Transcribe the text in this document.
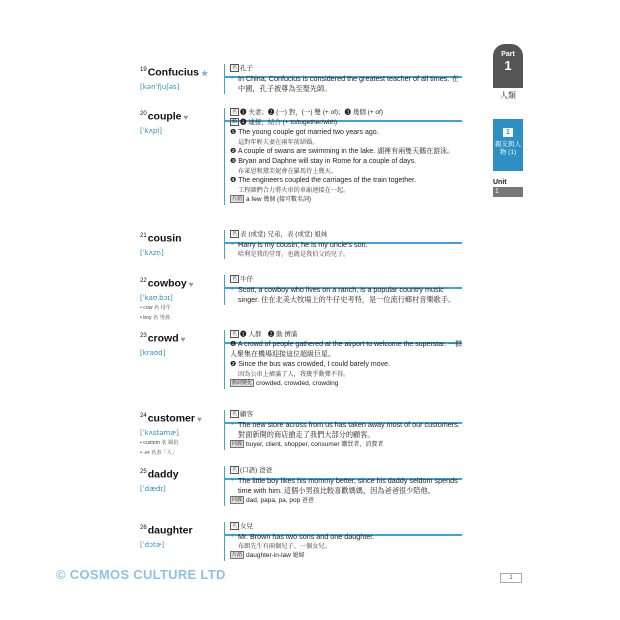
$^{19}$Confucius ★
[kənˈfjuʃəs]
名 孔子
• In China, Confucius is considered the greatest teacher of all times. 在中國，孔子被尊為至聖先師。
$^{20}$couple ♥
[ˈkʌpl̩]
名 ❶ 夫妻；❷ (一) 對，(一) 雙 (+ of)；❸ 幾個 (+ of)
動 ❹ 連接，結合 (+ to/together/with)
❶ The young couple got married two years ago.
這對年輕夫妻在兩年前結婚。
❷ A couple of swans are swimming in the lake. 湖裡有兩隻天鵝在游泳。
❸ Bryan and Daphne will stay in Rome for a couple of days.
布萊恩和黛芙妮會在羅馬待上幾天。
❹ The engineers coupled the carriages of the train together.
工程師們合力將火車的車廂連接在一起。
片語 a few 幾個 (接可數名詞)
$^{21}$cousin
[ˈkʌzn̩]
名 表 (或堂) 兄弟，表 (或堂) 姐妹
• Harry is my cousin; he is my uncle's son.
哈利是我的堂哥，也就是我伯父的兒子。
$^{22}$cowboy ♥
[ˈkaʊˌbɔɪ]
• cow 名 母牛
• boy 名 男孩
名 牛仔
• Scott, a cowboy who lives on a ranch, is a popular country music singer. 住在北美大牧場上的牛仔史考特，是一位流行鄉村音樂歌手。
$^{23}$crowd ♥
[kraʊd]
名 ❶ 人群　❷ 動 擠滿
❶ A crowd of people gathered at the airport to welcome the superstar. 一群人聚集在機場迎接這位超級巨星。
❷ Since the bus was crowded, I could barely move.
因為公車上擠滿了人，我幾乎動彈不得。
動詞變化 crowded, crowded, crowding
$^{24}$customer ♥
[ˈkʌstəmɚ]
• custom 名 風俗
• -er 名表「人」
名 顧客
• The new store across from us has taken away most of our customers. 對面新開的商店搶走了我們大部分的顧客。
同義 buyer, client, shopper, consumer 購買者，消費者
$^{25}$daddy
[ˈdædɪ]
名 (口語) 爸爸
• The little boy likes his mommy better, since his daddy seldom spends time with him. 這個小男孩比較喜歡媽媽，因為爸爸很少陪他。
同義 dad, papa, pa, pop 爸爸
$^{26}$daughter
[ˈdɔtɚ]
名 女兒
• Mr. Brown has two sons and one daughter.
布朗先生有兩個兒子、一個女兒。
片語 daughter-in-law 媳婦
Part
1
人類
1
親友與人物 (1)
Unit
1
© COSMOS CULTURE LTD	1
